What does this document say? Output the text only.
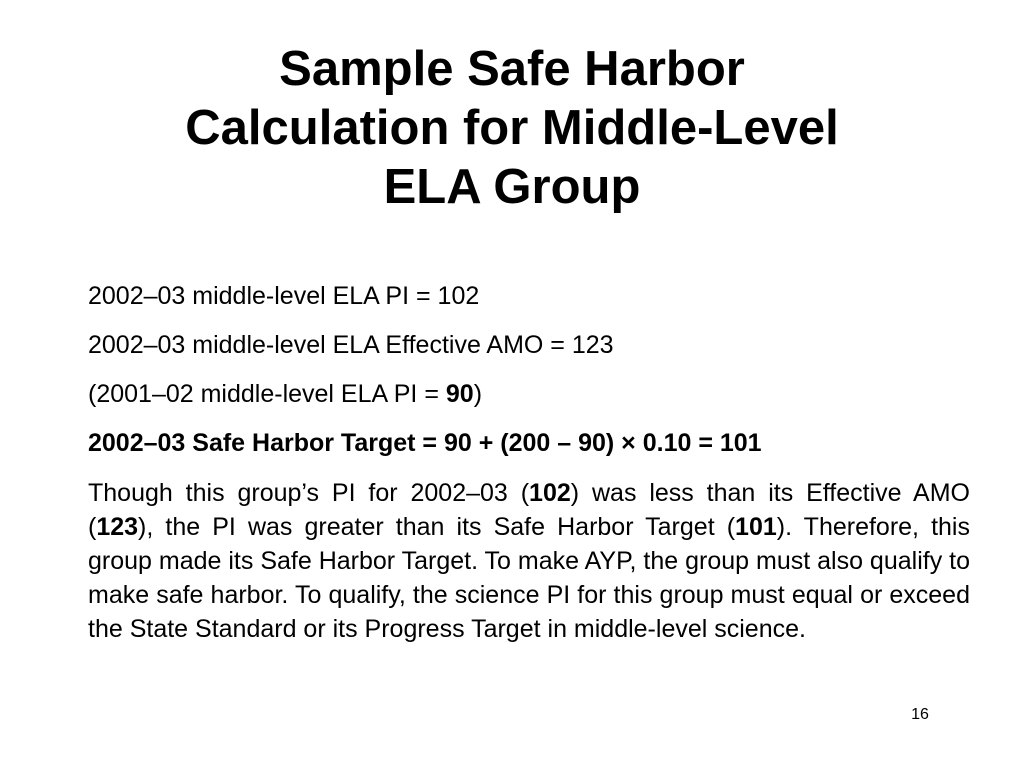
Sample Safe Harbor
Calculation for Middle-Level
ELA Group

2002–03 middle-level ELA PI = 102

2002–03 middle-level ELA Effective AMO = 123

(2001–02 middle-level ELA PI = 90)

2002–03 Safe Harbor Target = 90 + (200 – 90) × 0.10 = 101

Though this group’s PI for 2002–03 (102) was less than its Effective AMO (123), the PI was greater than its Safe Harbor Target (101). Therefore, this group made its Safe Harbor Target. To make AYP, the group must also qualify to make safe harbor. To qualify, the science PI for this group must equal or exceed the State Standard or its Progress Target in middle-level science.

16
